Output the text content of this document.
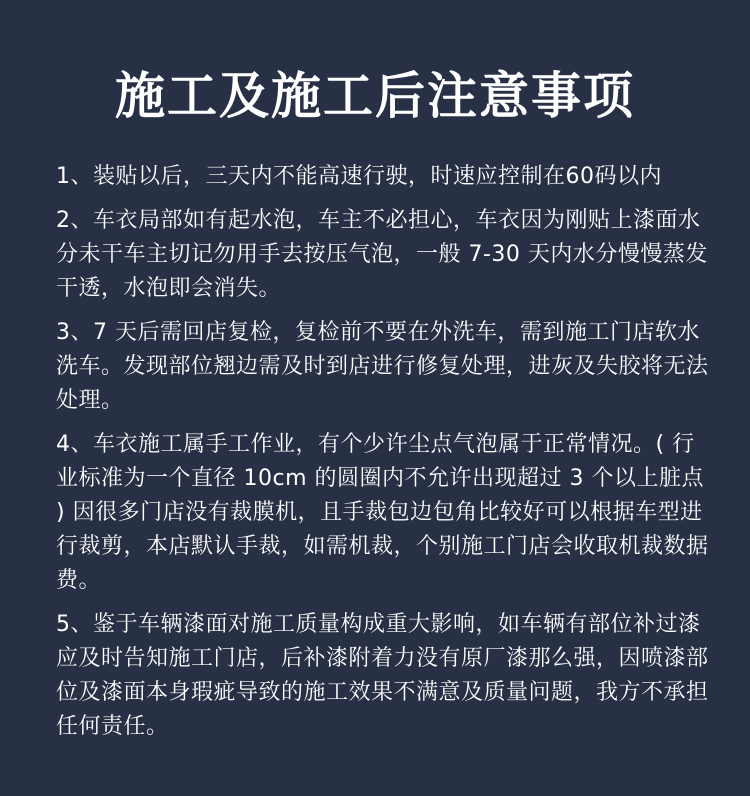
施工及施工后注意事项
1、装贴以后，三天内不能高速行驶，时速应控制在60码以内
2、车衣局部如有起水泡，车主不必担心，车衣因为刚贴上漆面水分未干车主切记勿用手去按压气泡，一般 7-30 天内水分慢慢蒸发干透，水泡即会消失。
3、7 天后需回店复检，复检前不要在外洗车，需到施工门店软水洗车。发现部位翘边需及时到店进行修复处理，进灰及失胶将无法处理。
4、车衣施工属手工作业，有个少许尘点气泡属于正常情况。( 行业标准为一个直径 10cm 的圆圈内不允许出现超过 3 个以上脏点 ) 因很多门店没有裁膜机，且手裁包边包角比较好可以根据车型进行裁剪，本店默认手裁，如需机裁，个别施工门店会收取机裁数据费。
5、鉴于车辆漆面对施工质量构成重大影响，如车辆有部位补过漆应及时告知施工门店，后补漆附着力没有原厂漆那么强，因喷漆部位及漆面本身瑕疵导致的施工效果不满意及质量问题，我方不承担任何责任。
